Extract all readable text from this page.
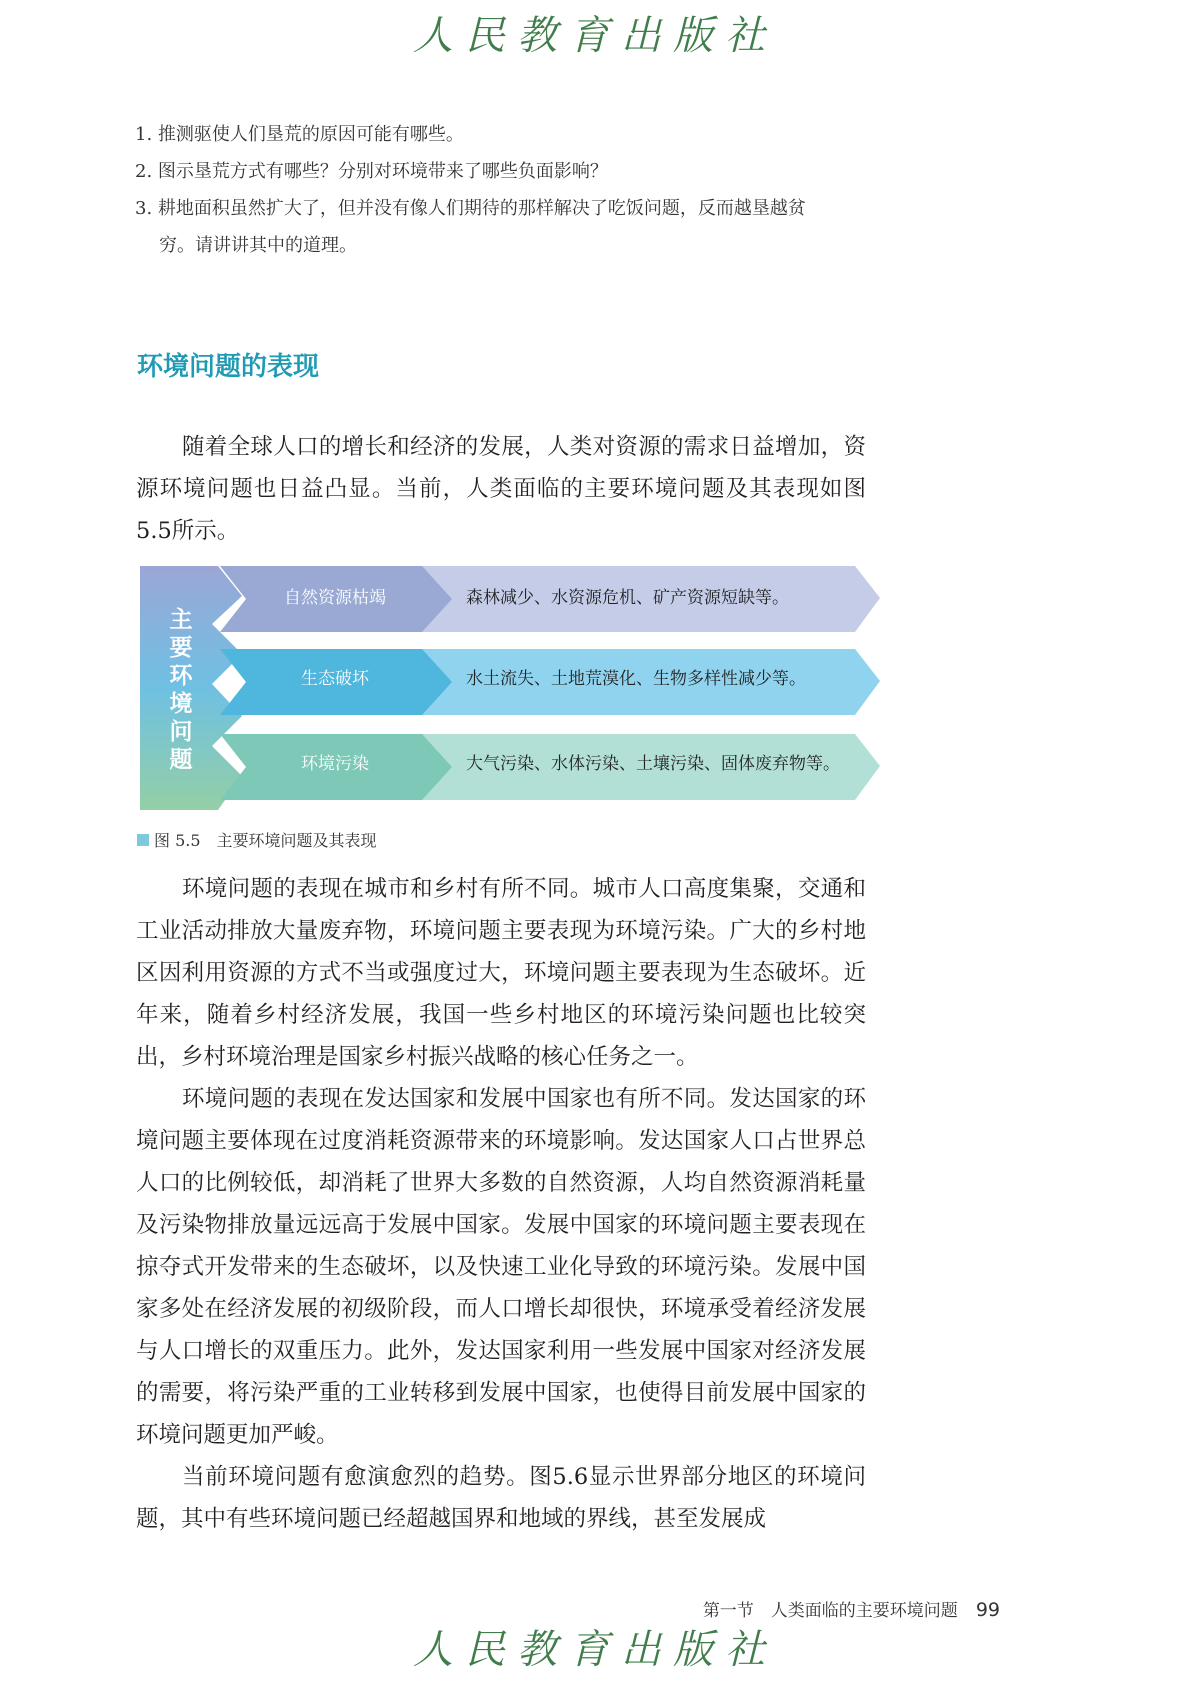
人民教育出版社

1. 推测驱使人们垦荒的原因可能有哪些。

2. 图示垦荒方式有哪些？分别对环境带来了哪些负面影响？

3. 耕地面积虽然扩大了，但并没有像人们期待的那样解决了吃饭问题，反而越垦越贫

穷。请讲讲其中的道理。

环境问题的表现

随着全球人口的增长和经济的发展，人类对资源的需求日益增加，资源环境问题也日益凸显。当前，人类面临的主要环境问题及其表现如图5.5所示。

主
要
环
境
问
题
自然资源枯竭	森林减少、水资源危机、矿产资源短缺等。
生态破坏	水土流失、土地荒漠化、生物多样性减少等。
环境污染	大气污染、水体污染、土壤污染、固体废弃物等。
图 5.5　主要环境问题及其表现

环境问题的表现在城市和乡村有所不同。城市人口高度集聚，交通和工业活动排放大量废弃物，环境问题主要表现为环境污染。广大的乡村地区因利用资源的方式不当或强度过大，环境问题主要表现为生态破坏。近年来，随着乡村经济发展，我国一些乡村地区的环境污染问题也比较突出，乡村环境治理是国家乡村振兴战略的核心任务之一。

环境问题的表现在发达国家和发展中国家也有所不同。发达国家的环境问题主要体现在过度消耗资源带来的环境影响。发达国家人口占世界总人口的比例较低，却消耗了世界大多数的自然资源，人均自然资源消耗量及污染物排放量远远高于发展中国家。发展中国家的环境问题主要表现在掠夺式开发带来的生态破坏，以及快速工业化导致的环境污染。发展中国家多处在经济发展的初级阶段，而人口增长却很快，环境承受着经济发展与人口增长的双重压力。此外，发达国家利用一些发展中国家对经济发展的需要，将污染严重的工业转移到发展中国家，也使得目前发展中国家的环境问题更加严峻。

当前环境问题有愈演愈烈的趋势。图5.6显示世界部分地区的环境问题，其中有些环境问题已经超越国界和地域的界线，甚至发展成

第一节　人类面临的主要环境问题 99
人民教育出版社
